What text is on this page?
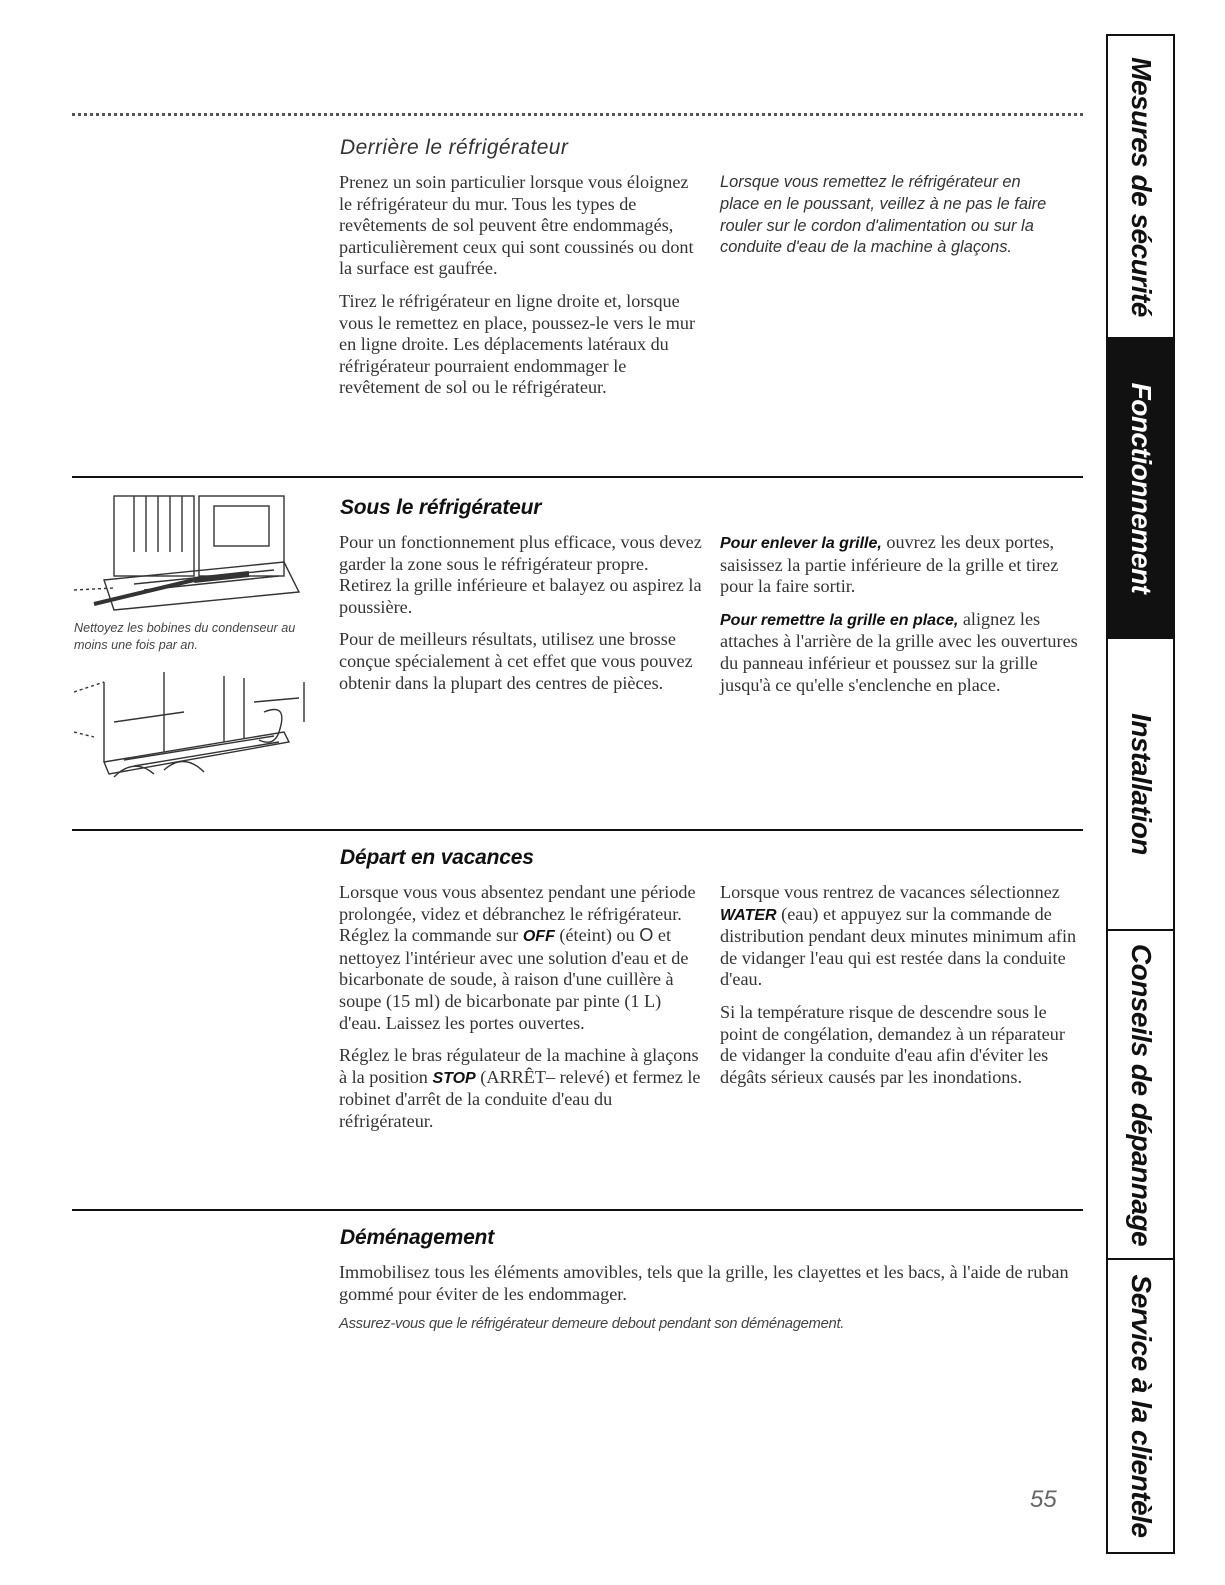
Derrière le réfrigérateur

Prenez un soin particulier lorsque vous éloignez le réfrigérateur du mur. Tous les types de revêtements de sol peuvent être endommagés, particulièrement ceux qui sont coussinés ou dont la surface est gaufrée.

Tirez le réfrigérateur en ligne droite et, lorsque vous le remettez en place, poussez-le vers le mur en ligne droite. Les déplacements latéraux du réfrigérateur pourraient endommager le revêtement de sol ou le réfrigérateur.

Lorsque vous remettez le réfrigérateur en place en le poussant, veillez à ne pas le faire rouler sur le cordon d'alimentation ou sur la conduite d'eau de la machine à glaçons.

Nettoyez les bobines du condenseur au moins une fois par an.

Sous le réfrigérateur

Pour un fonctionnement plus efficace, vous devez garder la zone sous le réfrigérateur propre. Retirez la grille inférieure et balayez ou aspirez la poussière.

Pour de meilleurs résultats, utilisez une brosse conçue spécialement à cet effet que vous pouvez obtenir dans la plupart des centres de pièces.

Pour enlever la grille, ouvrez les deux portes, saisissez la partie inférieure de la grille et tirez pour la faire sortir.

Pour remettre la grille en place, alignez les attaches à l'arrière de la grille avec les ouvertures du panneau inférieur et poussez sur la grille jusqu'à ce qu'elle s'enclenche en place.

Départ en vacances

Lorsque vous vous absentez pendant une période prolongée, videz et débranchez le réfrigérateur. Réglez la commande sur OFF (éteint) ou O et nettoyez l'intérieur avec une solution d'eau et de bicarbonate de soude, à raison d'une cuillère à soupe (15 ml) de bicarbonate par pinte (1 L) d'eau. Laissez les portes ouvertes.

Réglez le bras régulateur de la machine à glaçons à la position STOP (ARRÊT– relevé) et fermez le robinet d'arrêt de la conduite d'eau du réfrigérateur.

Lorsque vous rentrez de vacances sélectionnez WATER (eau) et appuyez sur la commande de distribution pendant deux minutes minimum afin de vidanger l'eau qui est restée dans la conduite d'eau.

Si la température risque de descendre sous le point de congélation, demandez à un réparateur de vidanger la conduite d'eau afin d'éviter les dégâts sérieux causés par les inondations.

Déménagement

Immobilisez tous les éléments amovibles, tels que la grille, les clayettes et les bacs, à l'aide de ruban gommé pour éviter de les endommager.

Assurez-vous que le réfrigérateur demeure debout pendant son déménagement.

55
Mesures de sécurité
Fonctionnement
Installation
Conseils de dépannage
Service à la clientèle
